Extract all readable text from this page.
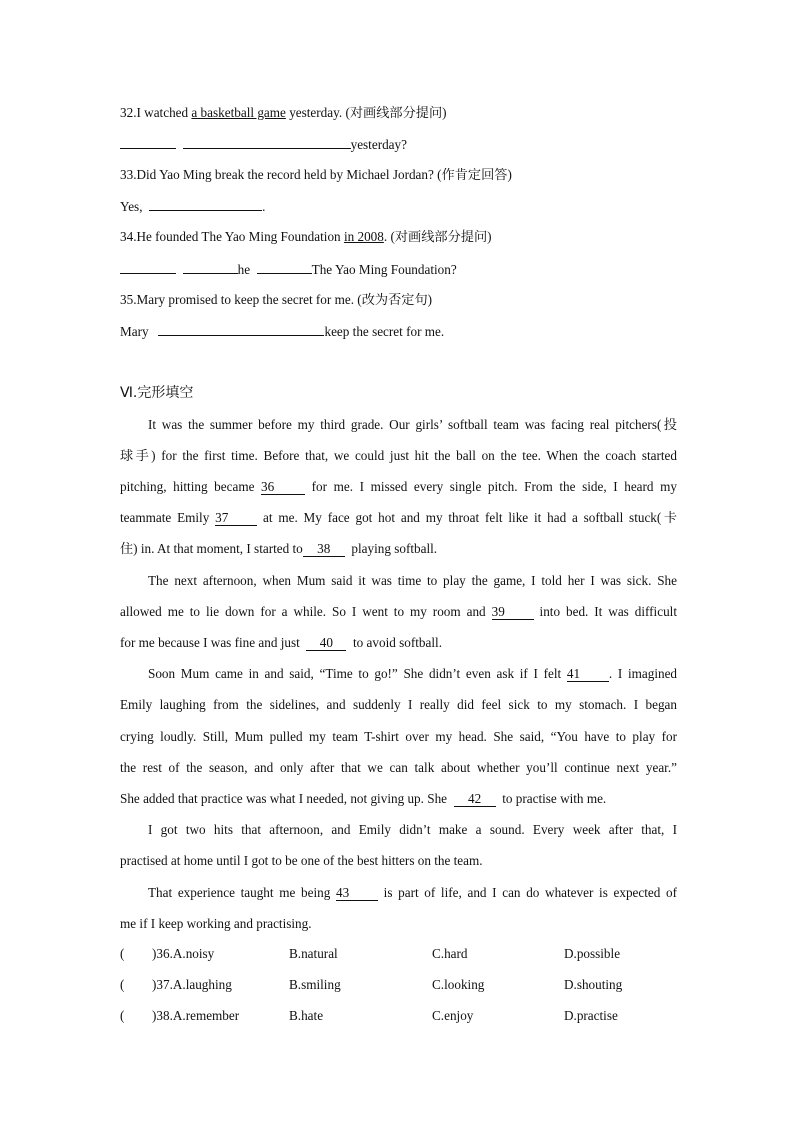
32.I watched a basketball game yesterday. (对画线部分提问)
yesterday?
33.Did Yao Ming break the record held by Michael Jordan? (作肯定回答)
Yes,	.
34.He founded The Yao Ming Foundation in 2008. (对画线部分提问)
he	The Yao Ming Foundation?
35.Mary promised to keep the secret for me. (改为否定句)
Mary	keep the secret for me.
Ⅵ.完形填空
It was the summer before my third grade. Our girls’ softball team was facing real pitchers(投
球手) for the first time. Before that, we could just hit the ball on the tee. When the coach started
pitching, hitting became 36	for me. I missed every single pitch. From the side, I heard my
teammate Emily 37	at me. My face got hot and my throat felt like it had a softball stuck(卡
住) in. At that moment, I started to 38 playing softball.
The next afternoon, when Mum said it was time to play the game, I told her I was sick. She
allowed me to lie down for a while. So I went to my room and 39	into bed. It was difficult
for me because I was fine and just 40 to avoid softball.
Soon Mum came in and said, “Time to go!” She didn’t even ask if I felt 41 . I imagined
Emily laughing from the sidelines, and suddenly I really did feel sick to my stomach. I began
crying loudly. Still, Mum pulled my team T-shirt over my head. She said, “You have to play for
the rest of the season, and only after that we can talk about whether you’ll continue next year.”
She added that practice was what I needed, not giving up. She 42 to practise with me.
I got two hits that afternoon, and Emily didn’t make a sound. Every week after that, I
practised at home until I got to be one of the best hitters on the team.
That experience taught me being 43	is part of life, and I can do whatever is expected of
me if I keep working and practising.
( )36.A.noisy	B.natural	C.hard	D.possible
( )37.A.laughing	B.smiling	C.looking	D.shouting
( )38.A.remember	B.hate	C.enjoy	D.practise
